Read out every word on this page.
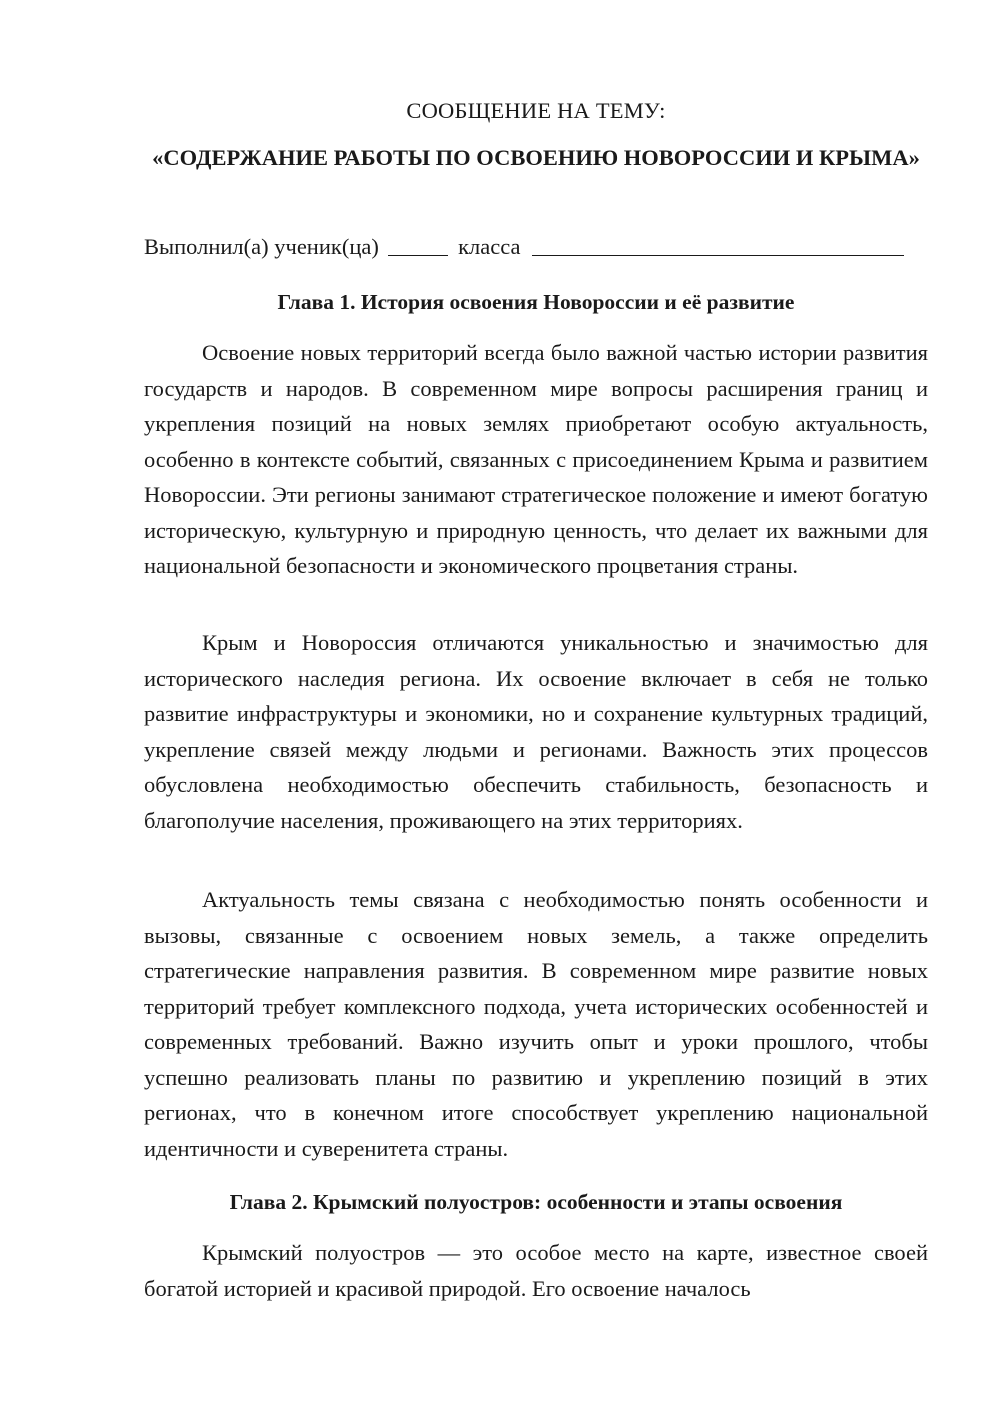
СООБЩЕНИЕ НА ТЕМУ:
«СОДЕРЖАНИЕ РАБОТЫ ПО ОСВОЕНИЮ НОВОРОССИИ И КРЫМА»
Выполнил(а) ученик(ца)	класса
Глава 1. История освоения Новороссии и её развитие

Освоение новых территорий всегда было важной частью истории развития государств и народов. В современном мире вопросы расширения границ и укрепления позиций на новых землях приобретают особую актуальность, особенно в контексте событий, связанных с присоединением Крыма и развитием Новороссии. Эти регионы занимают стратегическое положение и имеют богатую историческую, культурную и природную ценность, что делает их важными для национальной безопасности и экономического процветания страны.

Крым и Новороссия отличаются уникальностью и значимостью для исторического наследия региона. Их освоение включает в себя не только развитие инфраструктуры и экономики, но и сохранение культурных традиций, укрепление связей между людьми и регионами. Важность этих процессов обусловлена необходимостью обеспечить стабильность, безопасность и благополучие населения, проживающего на этих территориях.

Актуальность темы связана с необходимостью понять особенности и вызовы, связанные с освоением новых земель, а также определить стратегические направления развития. В современном мире развитие новых территорий требует комплексного подхода, учета исторических особенностей и современных требований. Важно изучить опыт и уроки прошлого, чтобы успешно реализовать планы по развитию и укреплению позиций в этих регионах, что в конечном итоге способствует укреплению национальной идентичности и суверенитета страны.

Глава 2. Крымский полуостров: особенности и этапы освоения

Крымский полуостров — это особое место на карте, известное своей богатой историей и красивой природой. Его освоение началось
